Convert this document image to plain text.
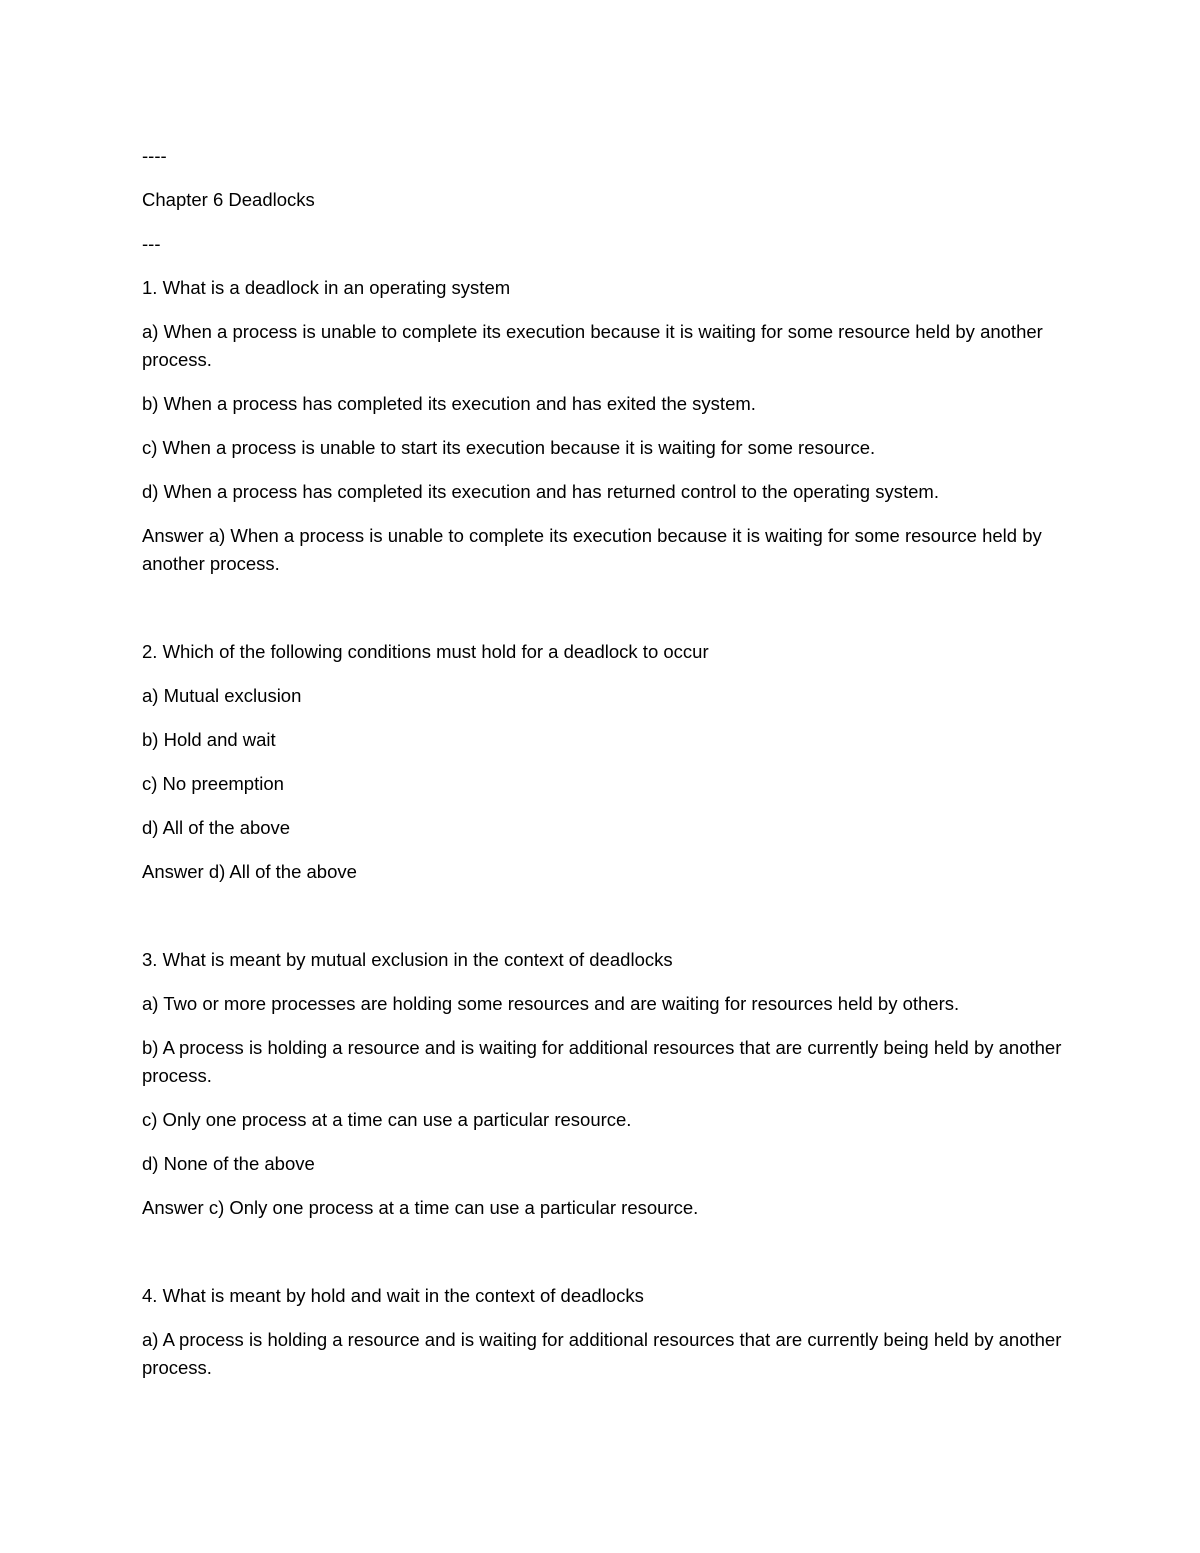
----

Chapter 6 Deadlocks

---

1. What is a deadlock in an operating system

a) When a process is unable to complete its execution because it is waiting for some resource held by another process.

b) When a process has completed its execution and has exited the system.

c) When a process is unable to start its execution because it is waiting for some resource.

d) When a process has completed its execution and has returned control to the operating system.

Answer a) When a process is unable to complete its execution because it is waiting for some resource held by another process.

2. Which of the following conditions must hold for a deadlock to occur

a) Mutual exclusion

b) Hold and wait

c) No preemption

d) All of the above

Answer d) All of the above

3. What is meant by mutual exclusion in the context of deadlocks

a) Two or more processes are holding some resources and are waiting for resources held by others.

b) A process is holding a resource and is waiting for additional resources that are currently being held by another process.

c) Only one process at a time can use a particular resource.

d) None of the above

Answer c) Only one process at a time can use a particular resource.

4. What is meant by hold and wait in the context of deadlocks

a) A process is holding a resource and is waiting for additional resources that are currently being held by another process.
